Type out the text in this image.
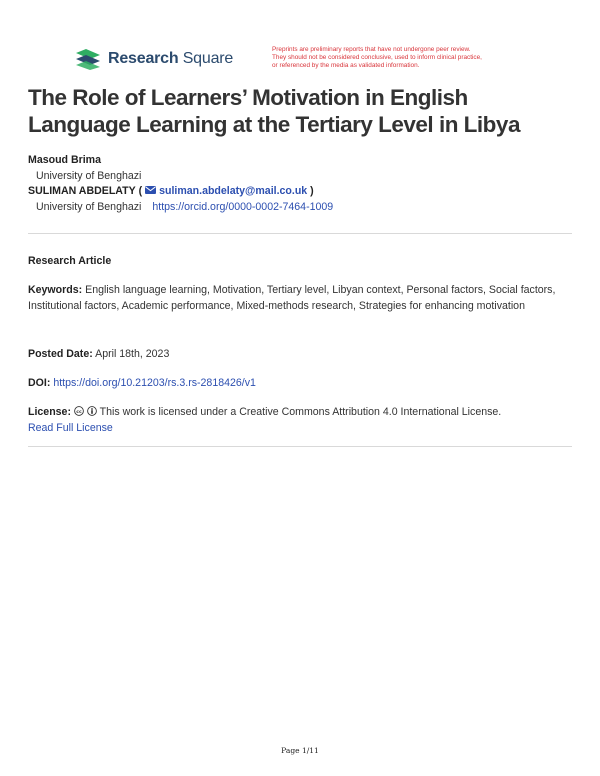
Research Square
Preprints are preliminary reports that have not undergone peer review.
They should not be considered conclusive, used to inform clinical practice,
or referenced by the media as validated information.
The Role of Learners’ Motivation in English Language Learning at the Tertiary Level in Libya
Masoud Brima
University of Benghazi
SULIMAN ABDELATY ( suliman.abdelaty@mail.co.uk )
University of Benghazi https://orcid.org/0000-0002-7464-1009
Research Article
Keywords: English language learning, Motivation, Tertiary level, Libyan context, Personal factors, Social factors, Institutional factors, Academic performance, Mixed-methods research, Strategies for enhancing motivation
Posted Date: April 18th, 2023
DOI: https://doi.org/10.21203/rs.3.rs-2818426/v1
License: cc This work is licensed under a Creative Commons Attribution 4.0 International License.
Read Full License
Page 1/11
